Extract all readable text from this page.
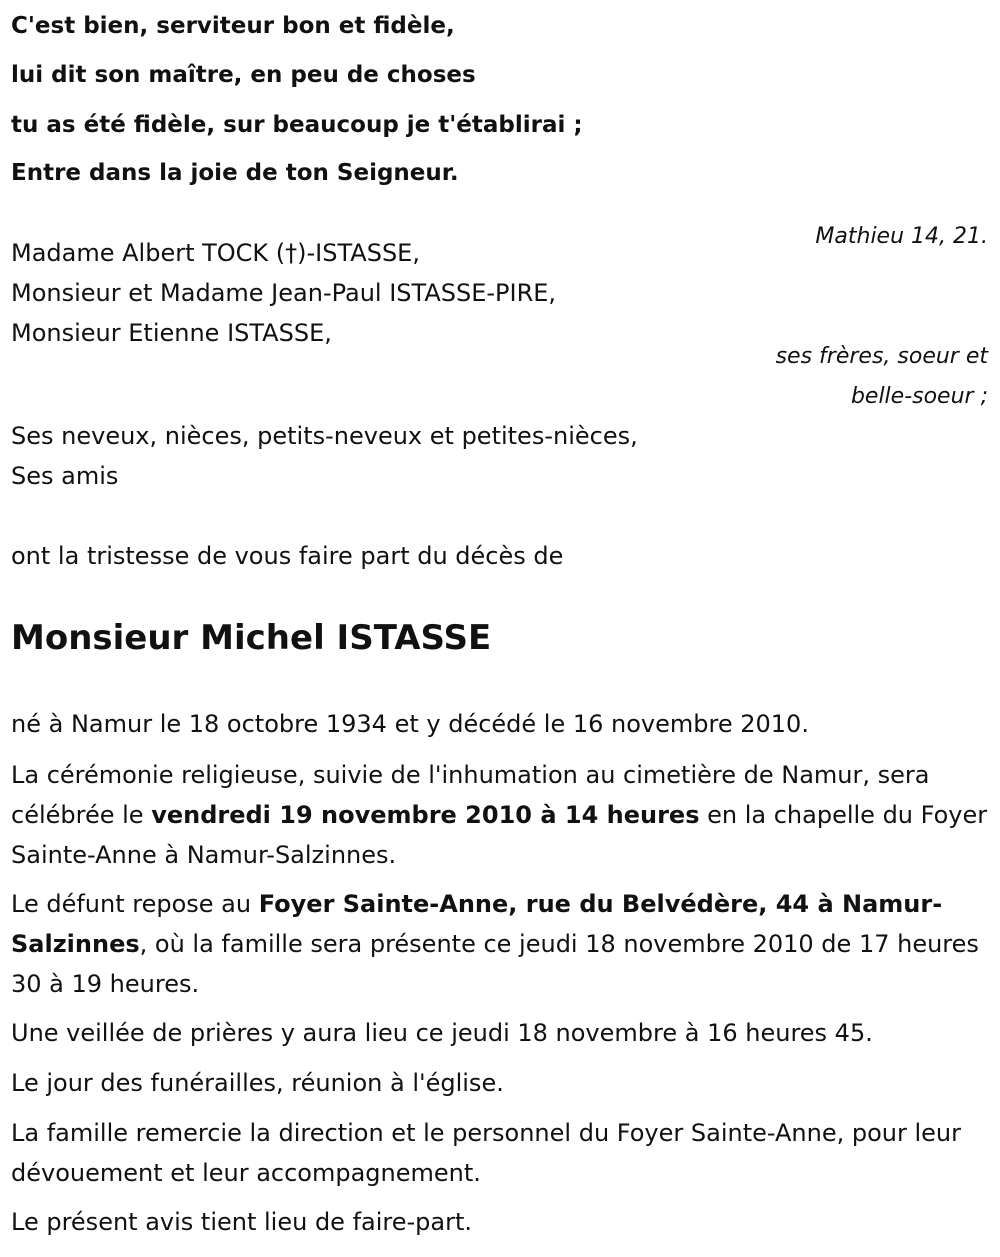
C'est bien, serviteur bon et fidèle,
lui dit son maître, en peu de choses
tu as été fidèle, sur beaucoup je t'établirai ;
Entre dans la joie de ton Seigneur.
Mathieu 14, 21.
Madame Albert TOCK (†)-ISTASSE,
Monsieur et Madame Jean-Paul ISTASSE-PIRE,
Monsieur Etienne ISTASSE,
ses frères, soeur et
belle-soeur ;
Ses neveux, nièces, petits-neveux et petites-nièces,
Ses amis
ont la tristesse de vous faire part du décès de
Monsieur Michel ISTASSE
né à Namur le 18 octobre 1934 et y décédé le 16 novembre 2010.
La cérémonie religieuse, suivie de l'inhumation au cimetière de Namur, sera célébrée le vendredi 19 novembre 2010 à 14 heures en la chapelle du Foyer Sainte-Anne à Namur-Salzinnes.
Le défunt repose au Foyer Sainte-Anne, rue du Belvédère, 44 à Namur-Salzinnes, où la famille sera présente ce jeudi 18 novembre 2010 de 17 heures 30 à 19 heures.
Une veillée de prières y aura lieu ce jeudi 18 novembre à 16 heures 45.
Le jour des funérailles, réunion à l'église.
La famille remercie la direction et le personnel du Foyer Sainte-Anne, pour leur dévouement et leur accompagnement.
Le présent avis tient lieu de faire-part.
